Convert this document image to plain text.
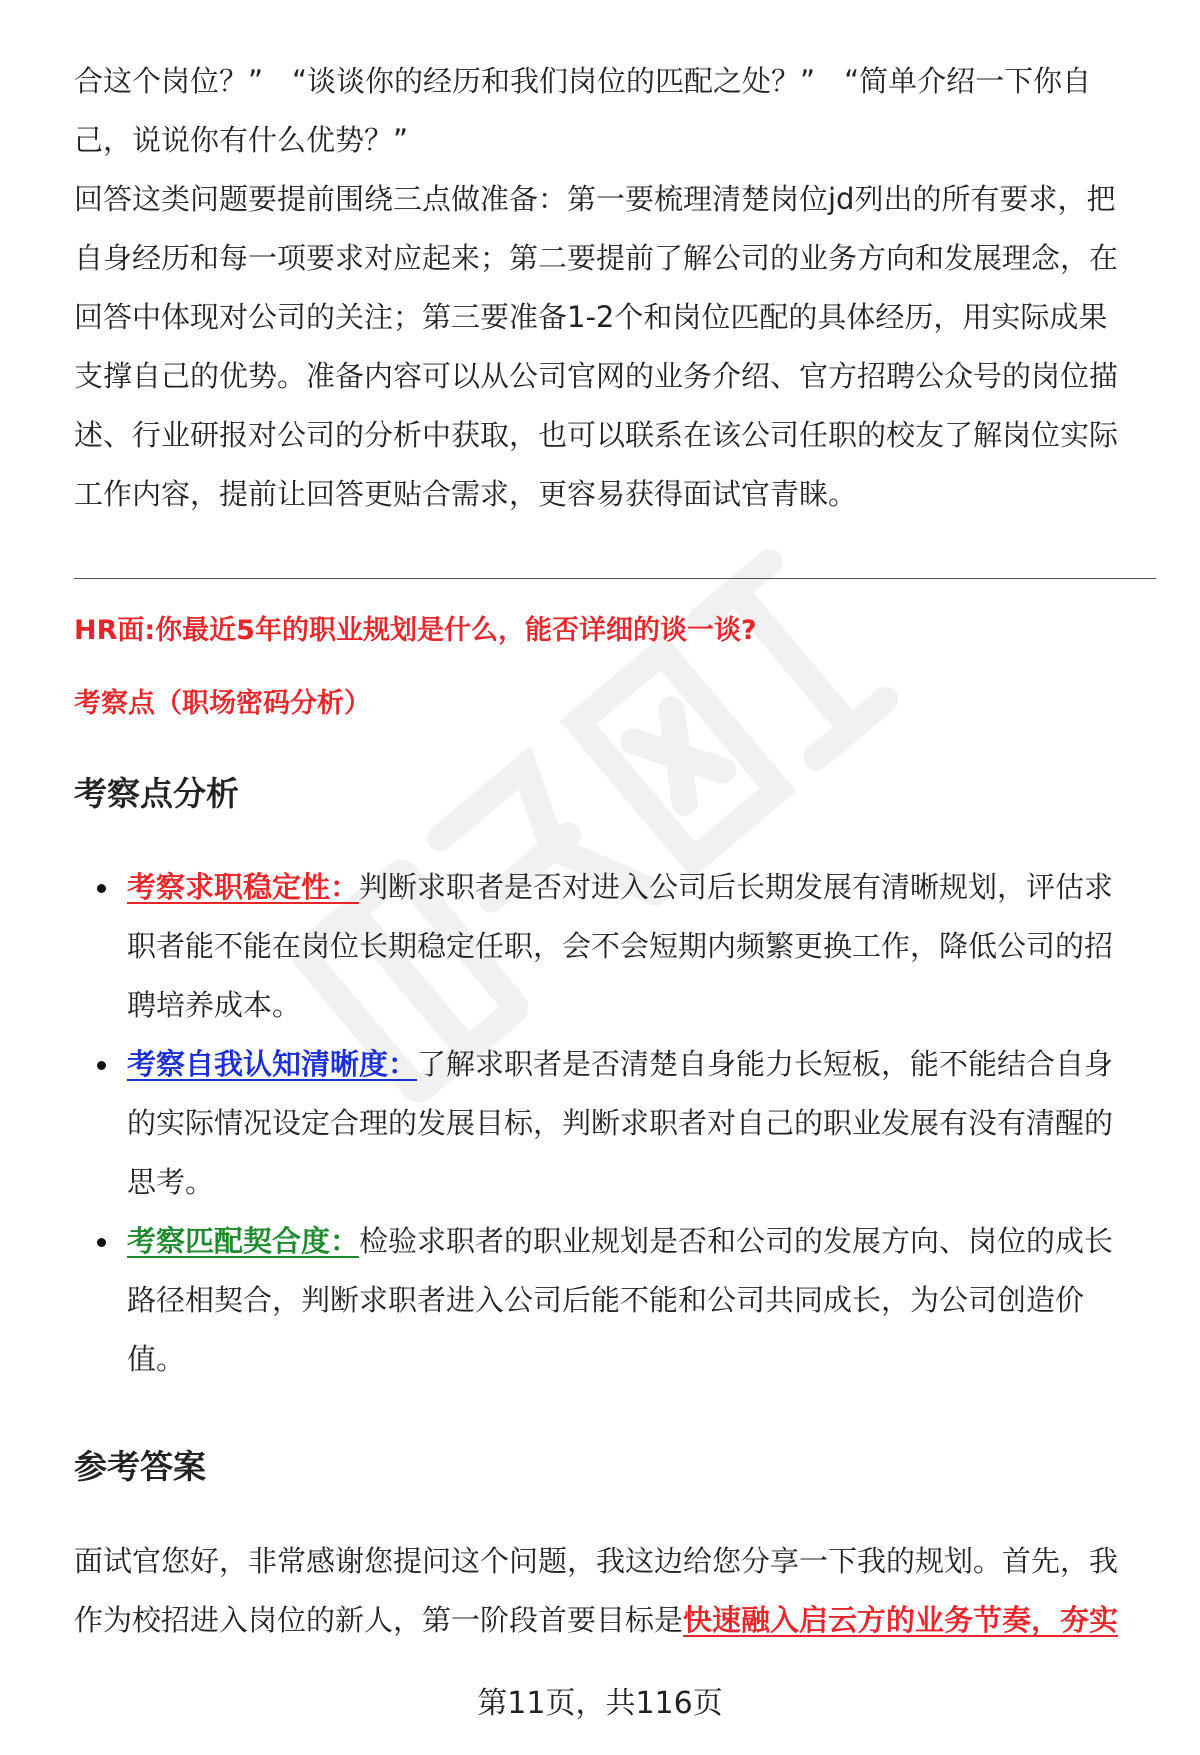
合这个岗位？”　“谈谈你的经历和我们岗位的匹配之处？”　“简单介绍一下你自
己，说说你有什么优势？”
回答这类问题要提前围绕三点做准备：第一要梳理清楚岗位jd列出的所有要求，把
自身经历和每一项要求对应起来；第二要提前了解公司的业务方向和发展理念，在
回答中体现对公司的关注；第三要准备1-2个和岗位匹配的具体经历，用实际成果
支撑自己的优势。准备内容可以从公司官网的业务介绍、官方招聘公众号的岗位描
述、行业研报对公司的分析中获取，也可以联系在该公司任职的校友了解岗位实际
工作内容，提前让回答更贴合需求，更容易获得面试官青睐。
HR面:你最近5年的职业规划是什么，能否详细的谈一谈?
考察点（职场密码分析）
考察点分析
考察求职稳定性：判断求职者是否对进入公司后长期发展有清晰规划，评估求
职者能不能在岗位长期稳定任职，会不会短期内频繁更换工作，降低公司的招
聘培养成本。
考察自我认知清晰度：了解求职者是否清楚自身能力长短板，能不能结合自身
的实际情况设定合理的发展目标，判断求职者对自己的职业发展有没有清醒的
思考。
考察匹配契合度：检验求职者的职业规划是否和公司的发展方向、岗位的成长
路径相契合，判断求职者进入公司后能不能和公司共同成长，为公司创造价
值。
参考答案
面试官您好，非常感谢您提问这个问题，我这边给您分享一下我的规划。首先，我
作为校招进入岗位的新人，第一阶段首要目标是快速融入启云方的业务节奏，夯实
第11页，共116页
